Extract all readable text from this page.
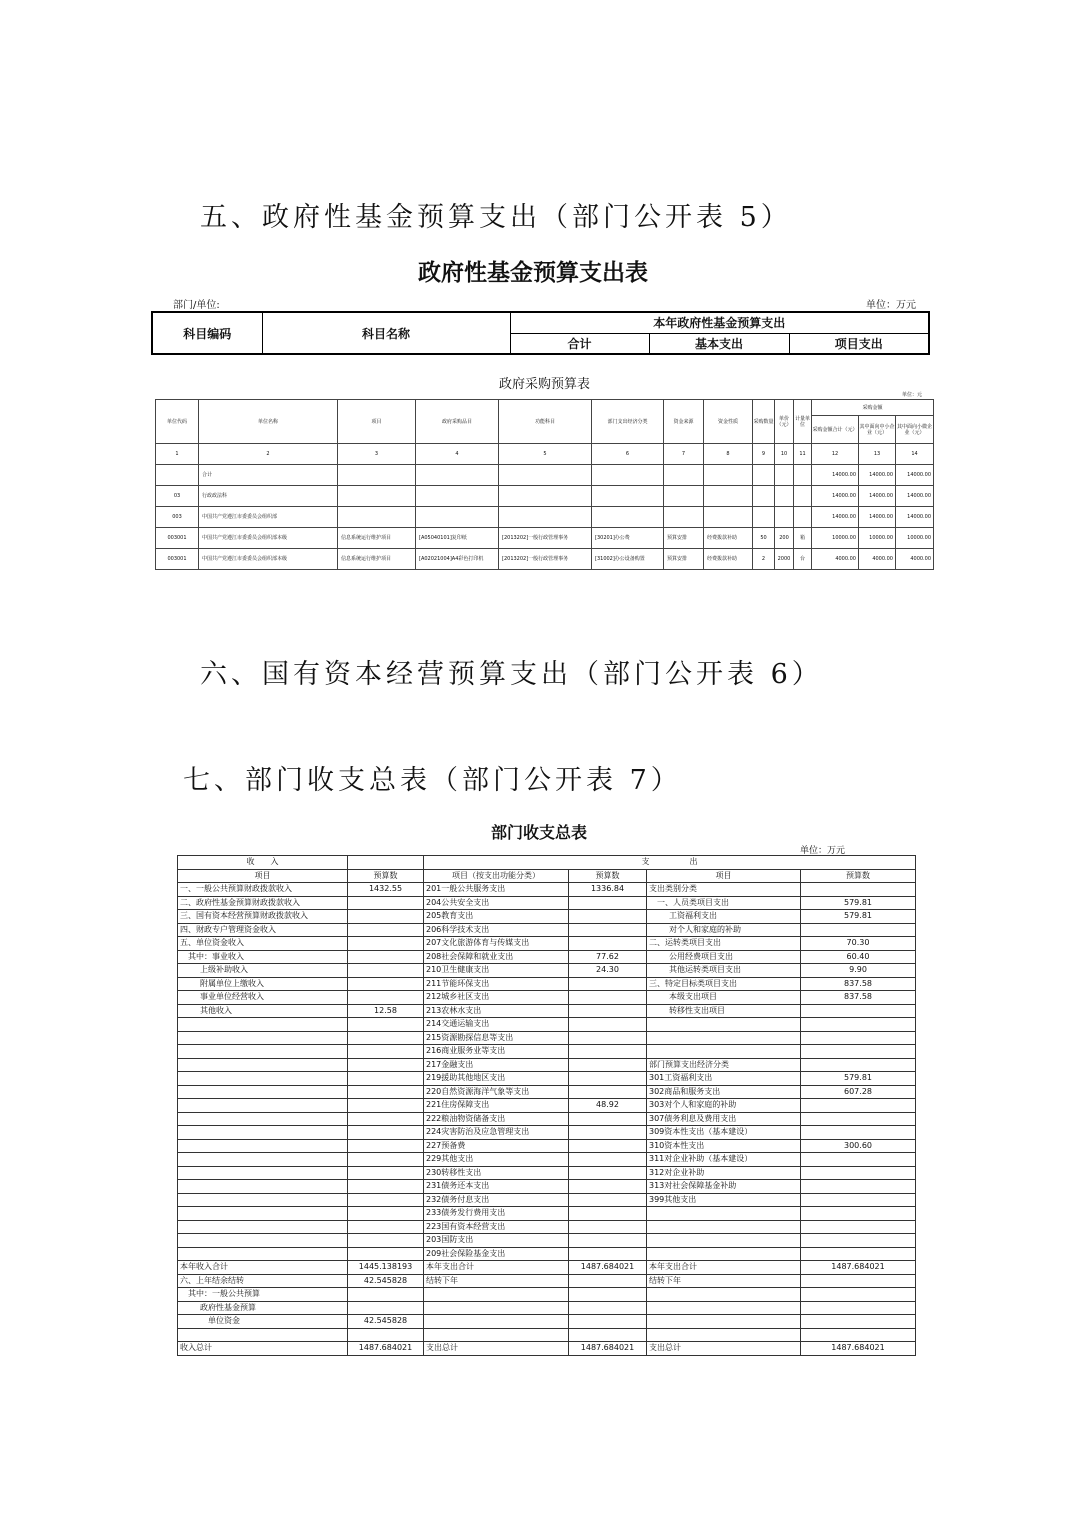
五、政府性基金预算支出（部门公开表 5）
政府性基金预算支出表
部门/单位:	单位：万元
科目编码	科目名称	本年政府性基金预算支出		
		合计	基本支出	项目支出
政府采购预算表
单位：元
单位代码	单位名称	项目	政府采购品目	功能科目	部门支出经济分类	资金来源	资金性质	采购数量	单价（元）	计量单位	采购金额		
											采购金额合计（元）	其中面向中小企业（元）	其中面向小微企业（元）
1	2	3	4	5	6	7	8	9	10	11	12	13	14
	合计										14000.00	14000.00	14000.00
03	行政政法科										14000.00	14000.00	14000.00
003	中国共产党遵江市委委员会组织部										14000.00	14000.00	14000.00
003001	中国共产党遵江市委委员会组织部本级	信息系统运行维护项目	[A05040101]复印纸	[2013202]一般行政管理事务	[30201]办公费	预算安排	经费拨款补助	50	200	箱	10000.00	10000.00	10000.00
003001	中国共产党遵江市委委员会组织部本级	信息系统运行维护项目	[A02021004]A4彩色打印机	[2013202]一般行政管理事务	[31002]办公设备购置	预算安排	经费拨款补助	2	2000	台	4000.00	4000.00	4000.00
六、国有资本经营预算支出（部门公开表 6）
七、部门收支总表（部门公开表 7）
部门收支总表
单位：万元
收　　入		支　　　　　出			
项目	预算数	项目（按支出功能分类）	预算数	项目	预算数
一、一般公共预算财政拨款收入	1432.55	201一般公共服务支出	1336.84	支出类别分类	
二、政府性基金预算财政拨款收入		204公共安全支出		一、人员类项目支出	579.81
三、国有资本经营预算财政拨款收入		205教育支出		工资福利支出	579.81
四、财政专户管理资金收入		206科学技术支出		对个人和家庭的补助	
五、单位资金收入		207文化旅游体育与传媒支出		二、运转类项目支出	70.30
其中：事业收入		208社会保障和就业支出	77.62	公用经费项目支出	60.40
上级补助收入		210卫生健康支出	24.30	其他运转类项目支出	9.90
附属单位上缴收入		211节能环保支出		三、特定目标类项目支出	837.58
事业单位经营收入		212城乡社区支出		本级支出项目	837.58
其他收入	12.58	213农林水支出		转移性支出项目	
		214交通运输支出			
		215资源勘探信息等支出			
		216商业服务业等支出			
		217金融支出		部门预算支出经济分类	
		219援助其他地区支出		301工资福利支出	579.81
		220自然资源海洋气象等支出		302商品和服务支出	607.28
		221住房保障支出	48.92	303对个人和家庭的补助	
		222粮油物资储备支出		307债务利息及费用支出	
		224灾害防治及应急管理支出		309资本性支出（基本建设）	
		227预备费		310资本性支出	300.60
		229其他支出		311对企业补助（基本建设）	
		230转移性支出		312对企业补助	
		231债务还本支出		313对社会保障基金补助	
		232债务付息支出		399其他支出	
		233债务发行费用支出			
		223国有资本经营支出			
		203国防支出			
		209社会保险基金支出			
本年收入合计	1445.138193	本年支出合计	1487.684021	本年支出合计	1487.684021
六、上年结余结转	42.545828	结转下年		结转下年	
其中：一般公共预算					
政府性基金预算					
单位资金	42.545828				

收入总计	1487.684021	支出总计	1487.684021	支出总计	1487.684021
